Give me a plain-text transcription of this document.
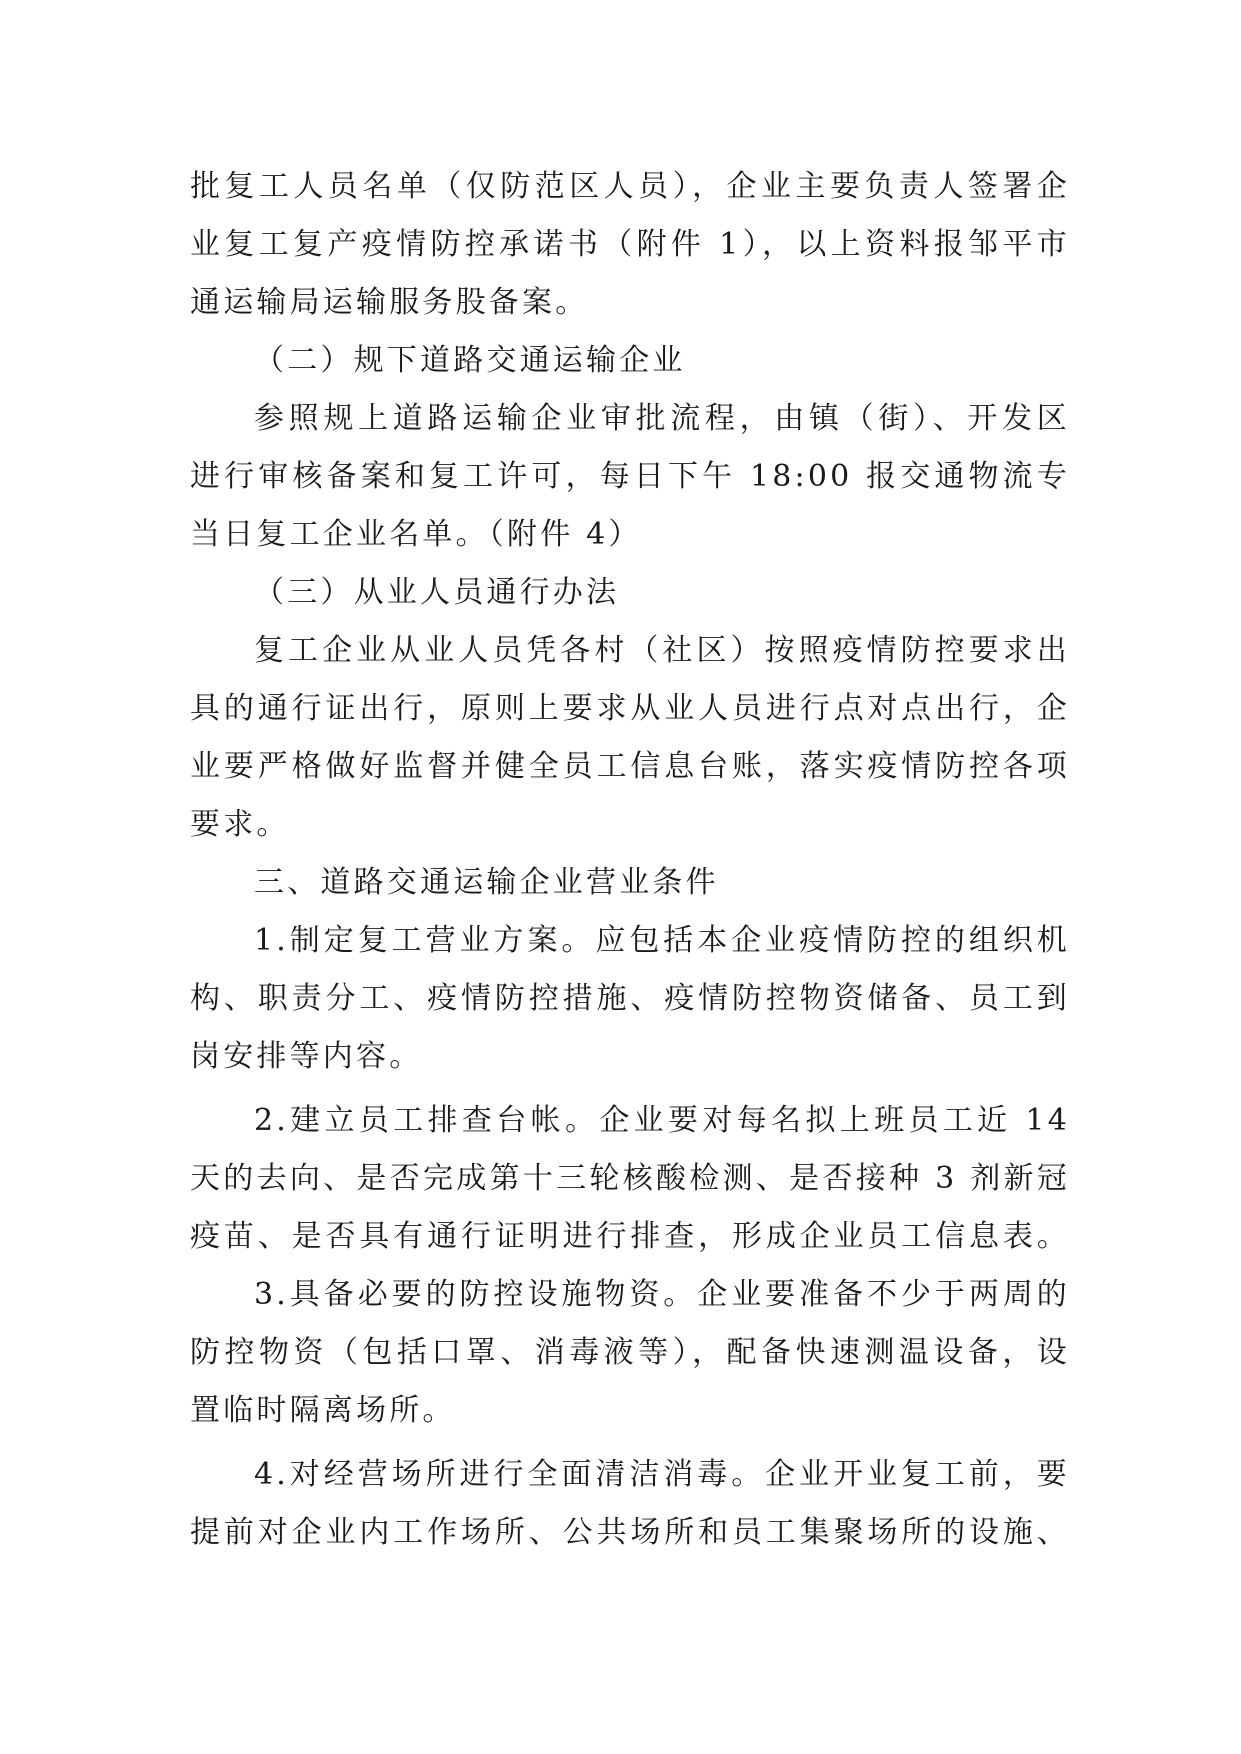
批复工人员名单（仅防范区人员），企业主要负责人签署企
业复工复产疫情防控承诺书（附件 1），以上资料报邹平市
通运输局运输服务股备案。
（二）规下道路交通运输企业
参照规上道路运输企业审批流程，由镇（街）、开发区
进行审核备案和复工许可，每日下午 18:00 报交通物流专
当日复工企业名单。（附件 4）
（三）从业人员通行办法
复工企业从业人员凭各村（社区）按照疫情防控要求出
具的通行证出行，原则上要求从业人员进行点对点出行，企
业要严格做好监督并健全员工信息台账，落实疫情防控各项
要求。
三、道路交通运输企业营业条件
1.制定复工营业方案。应包括本企业疫情防控的组织机
构、职责分工、疫情防控措施、疫情防控物资储备、员工到
岗安排等内容。
2.建立员工排查台帐。企业要对每名拟上班员工近 14
天的去向、是否完成第十三轮核酸检测、是否接种 3 剂新冠
疫苗、是否具有通行证明进行排查，形成企业员工信息表。
3.具备必要的防控设施物资。企业要准备不少于两周的
防控物资（包括口罩、消毒液等），配备快速测温设备，设
置临时隔离场所。
4.对经营场所进行全面清洁消毒。企业开业复工前，要
提前对企业内工作场所、公共场所和员工集聚场所的设施、
